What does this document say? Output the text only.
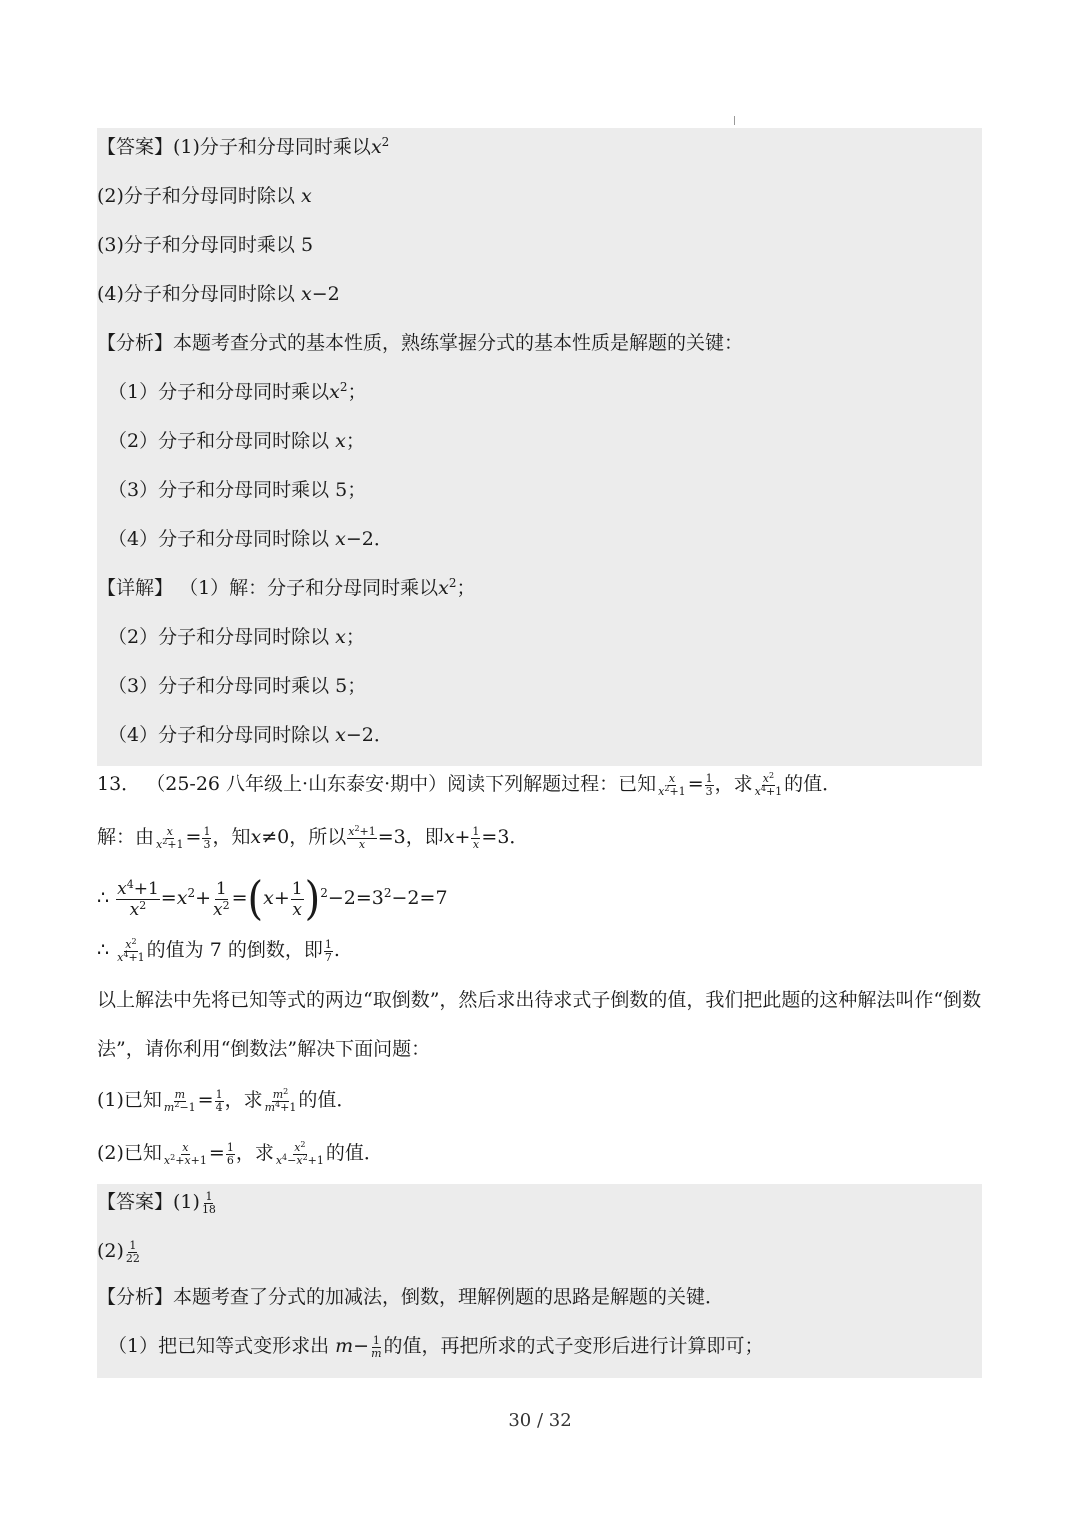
【答案】(1)分子和分母同时乘以$x^2$
(2)分子和分母同时除以 x
(3)分子和分母同时乘以 5
(4)分子和分母同时除以 x−2
【分析】本题考查分式的基本性质，熟练掌握分式的基本性质是解题的关键：
（1）分子和分母同时乘以$x^2$；
（2）分子和分母同时除以 x；
（3）分子和分母同时乘以 5；
（4）分子和分母同时除以 x−2．
【详解】 （1）解：分子和分母同时乘以$x^2$；
（2）分子和分母同时除以 x；
（3）分子和分母同时乘以 5；
（4）分子和分母同时除以 x−2．
13． （25-26 八年级上·山东泰安·期中）阅读下列解题过程：已知 $\frac{x}{x^2+1} = \frac{1}{3}$ ，求 $\frac{x^2}{x^4+1}$ 的值．
解：由 $\frac{x}{x^2+1} = \frac{1}{3}$ ，知x≠0，所以 $\frac{x^2+1}{x} =3$，即$x+ \frac{1}{x} =3$．
∴ $\frac{x^4+1}{x^2} =x^2+ \frac{1}{x^2} =(x+ \frac{1}{x} )^2-2=3^2-2=7$
∴ $\frac{x^2}{x^4+1}$ 的值为 7 的倒数，即 $\frac{1}{7}$ .
以上解法中先将已知等式的两边“取倒数”，然后求出待求式子倒数的值，我们把此题的这种解法叫作“倒数
法”，请你利用“倒数法”解决下面问题：
(1)已知 $\frac{m}{m^2-1} = \frac{1}{4}$ ，求 $\frac{m^2}{m^4+1}$ 的值．
(2)已知 $\frac{x}{x^2+x+1} = \frac{1}{6}$ ，求 $\frac{x^2}{x^4-x^2+1}$ 的值．
【答案】$(1) \frac{1}{18}$
$(2) \frac{1}{22}$
【分析】本题考查了分式的加减法，倒数，理解例题的思路是解题的关键．
（1）把已知等式变形求出 $m- \frac{1}{m}$ 的值，再把所求的式子变形后进行计算即可；
30 / 32
